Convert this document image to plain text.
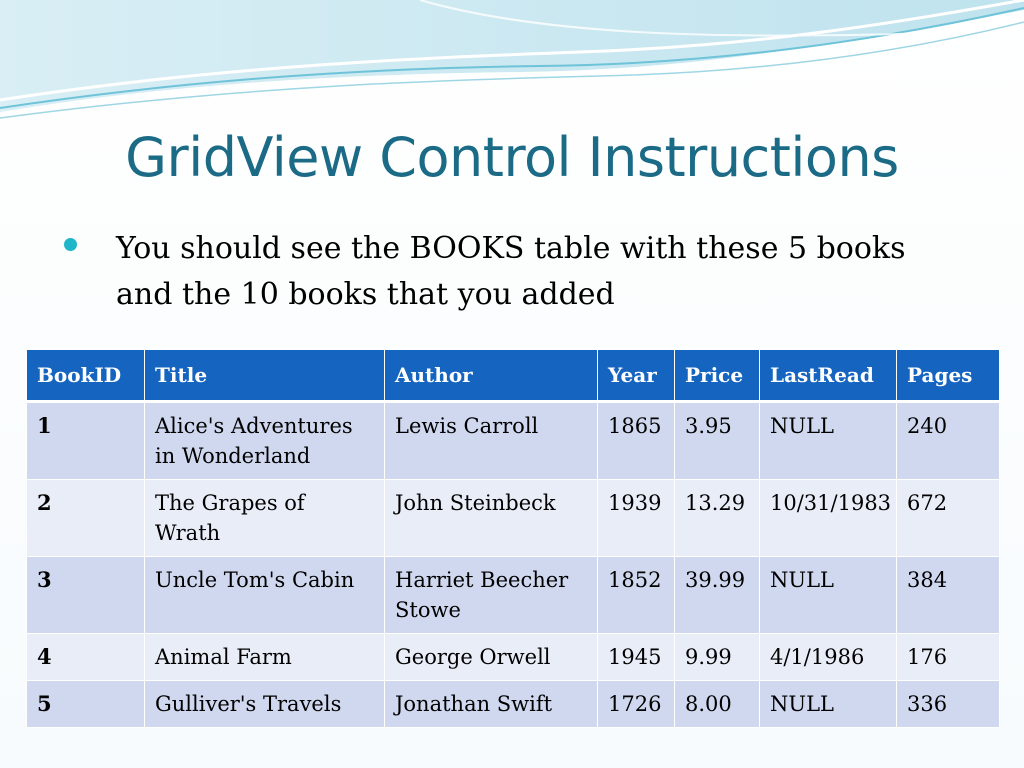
GridView Control Instructions
You should see the BOOKS table with these 5 books and the 10 books that you added
BookID	Title	Author	Year	Price	LastRead	Pages
1	Alice's Adventures in Wonderland	Lewis Carroll	1865	3.95	NULL	240
2	The Grapes of Wrath	John Steinbeck	1939	13.29	10/31/1983	672
3	Uncle Tom's Cabin	Harriet Beecher Stowe	1852	39.99	NULL	384
4	Animal Farm	George Orwell	1945	9.99	4/1/1986	176
5	Gulliver's Travels	Jonathan Swift	1726	8.00	NULL	336
